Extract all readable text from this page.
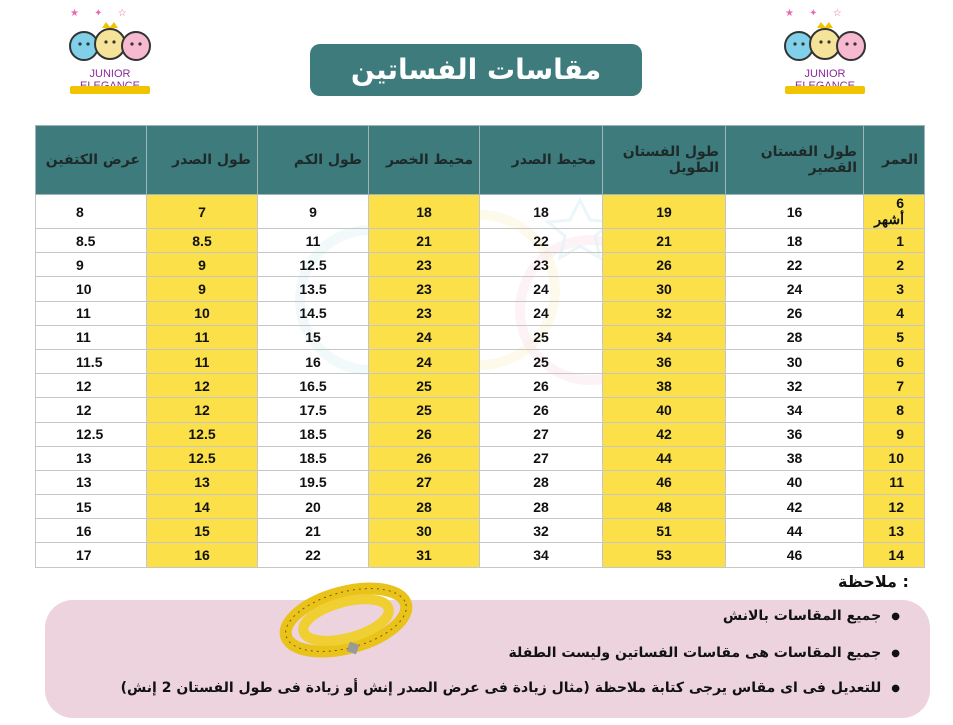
★ ✦ ☆
JUNIOR
★ ✦ ☆
JUNIOR
مقاسات الفساتين
عرض الكتفين	طول الصدر	طول الكم	محيط الخصر	محيط الصدر	طول الفستان الطويل	طول الفستان القصير	العمر
8	7	9	18	18	19	16	6 أشهر
8.5	8.5	11	21	22	21	18	1
9	9	12.5	23	23	26	22	2
10	9	13.5	23	24	30	24	3
11	10	14.5	23	24	32	26	4
11	11	15	24	25	34	28	5
11.5	11	16	24	25	36	30	6
12	12	16.5	25	26	38	32	7
12	12	17.5	25	26	40	34	8
12.5	12.5	18.5	26	27	42	36	9
13	12.5	18.5	26	27	44	38	10
13	13	19.5	27	28	46	40	11
15	14	20	28	28	48	42	12
16	15	21	30	32	51	44	13
17	16	22	31	34	53	46	14
ملاحظة :
● جميع المقاسات بالانش
● جميع المقاسات هى مقاسات الفساتين وليست الطفلة
● للتعديل فى اى مقاس يرجى كتابة ملاحظة (مثال زيادة فى عرض الصدر إنش أو زيادة فى طول الفستان 2 إنش)
